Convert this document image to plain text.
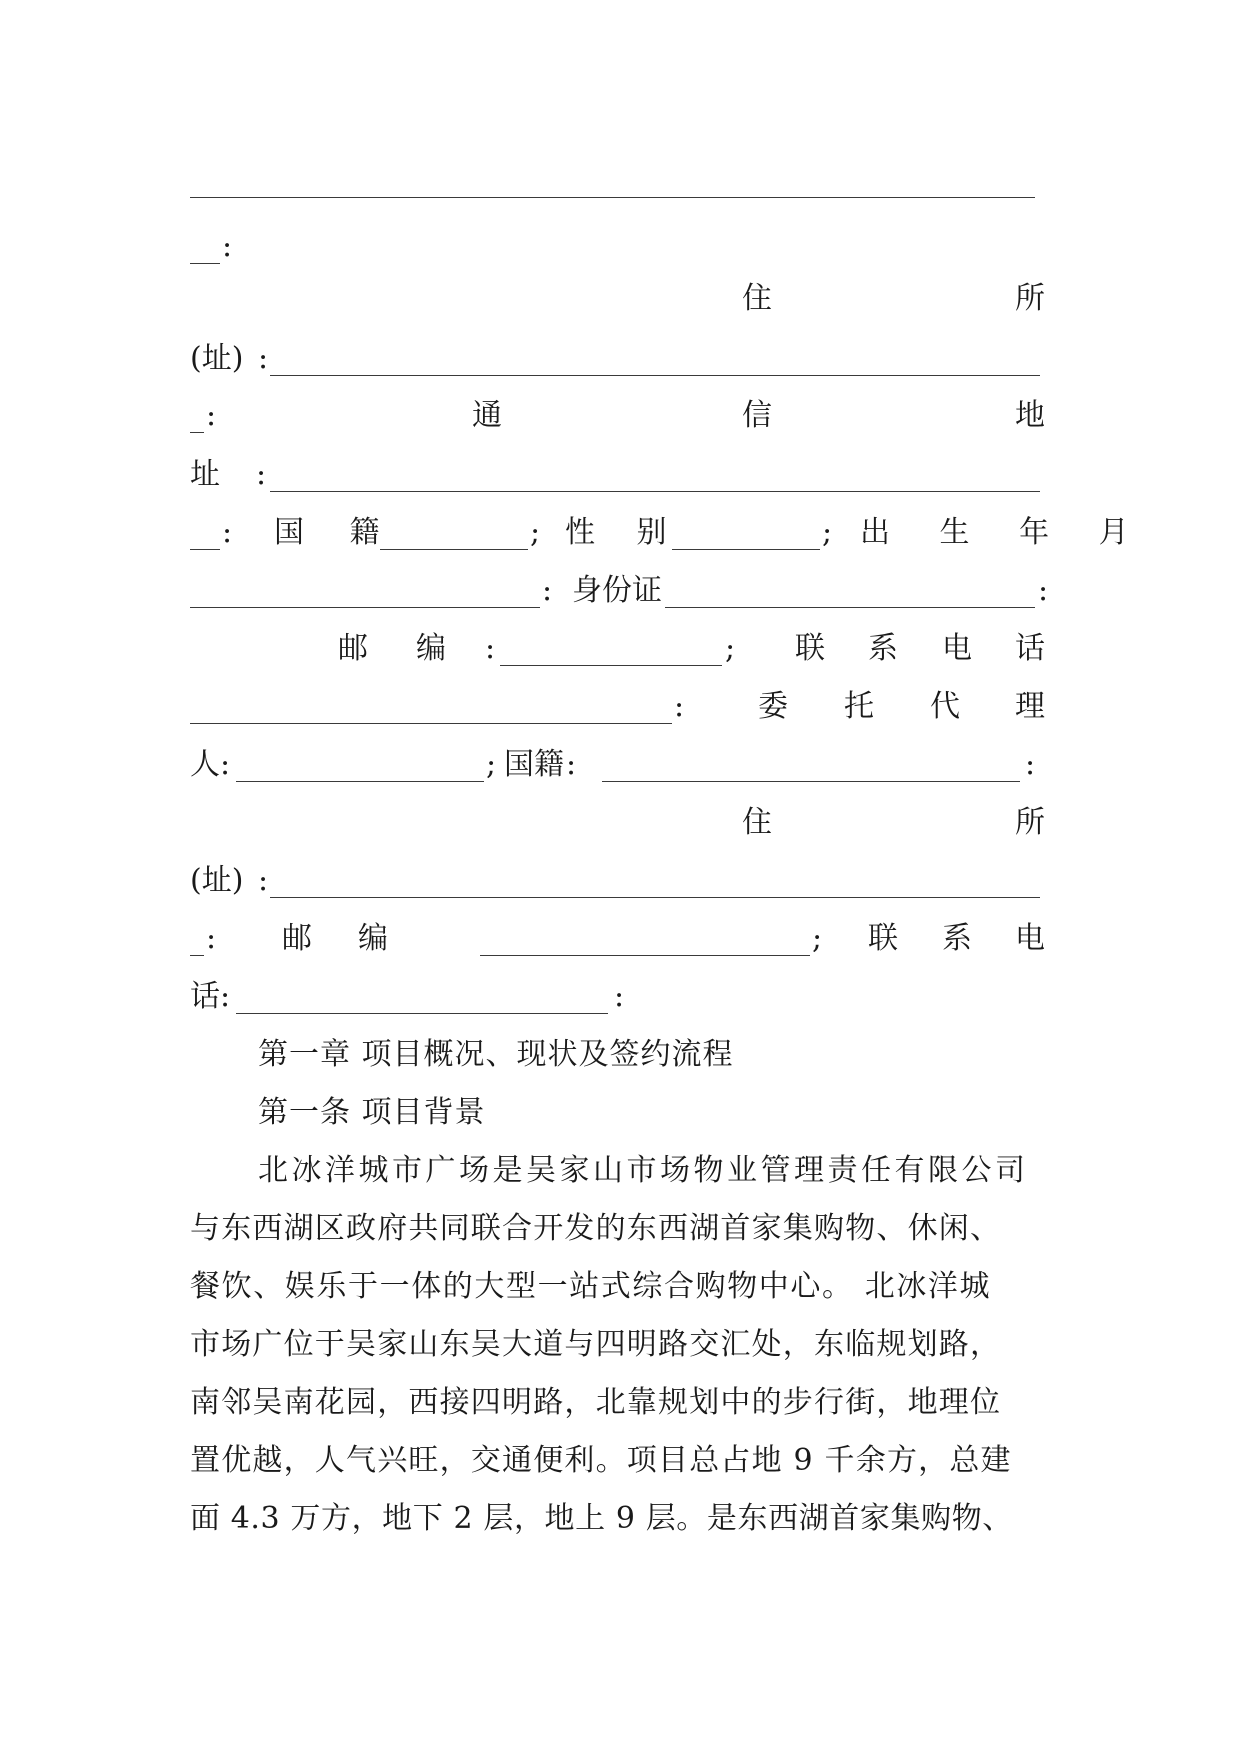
:
住	所
(址) :
:	通	信	地
址 :
: 国 籍	; 性 别	; 出 生 年 月
: 身份证	:
邮 编 :	; 联 系 电 话
: 委 托 代 理
人 :	; 国籍 :	:
住	所
(址) :
: 邮 编	; 联 系 电
话 :	:
第一章 项目概况、现状及签约流程
第一条 项目背景
北冰洋城市广场是吴家山市场物业管理责任有限公司
与东西湖区政府共同联合开发的东西湖首家集购物、休闲、
餐饮、娱乐于一体的大型一站式综合购物中心。 北冰洋城
市场广位于吴家山东吴大道与四明路交汇处，东临规划路，
南邻吴南花园，西接四明路，北靠规划中的步行街，地理位
置优越，人气兴旺，交通便利。项目总占地 9 千余方，总建
面 4.3 万方，地下 2 层，地上 9 层。是东西湖首家集购物、
